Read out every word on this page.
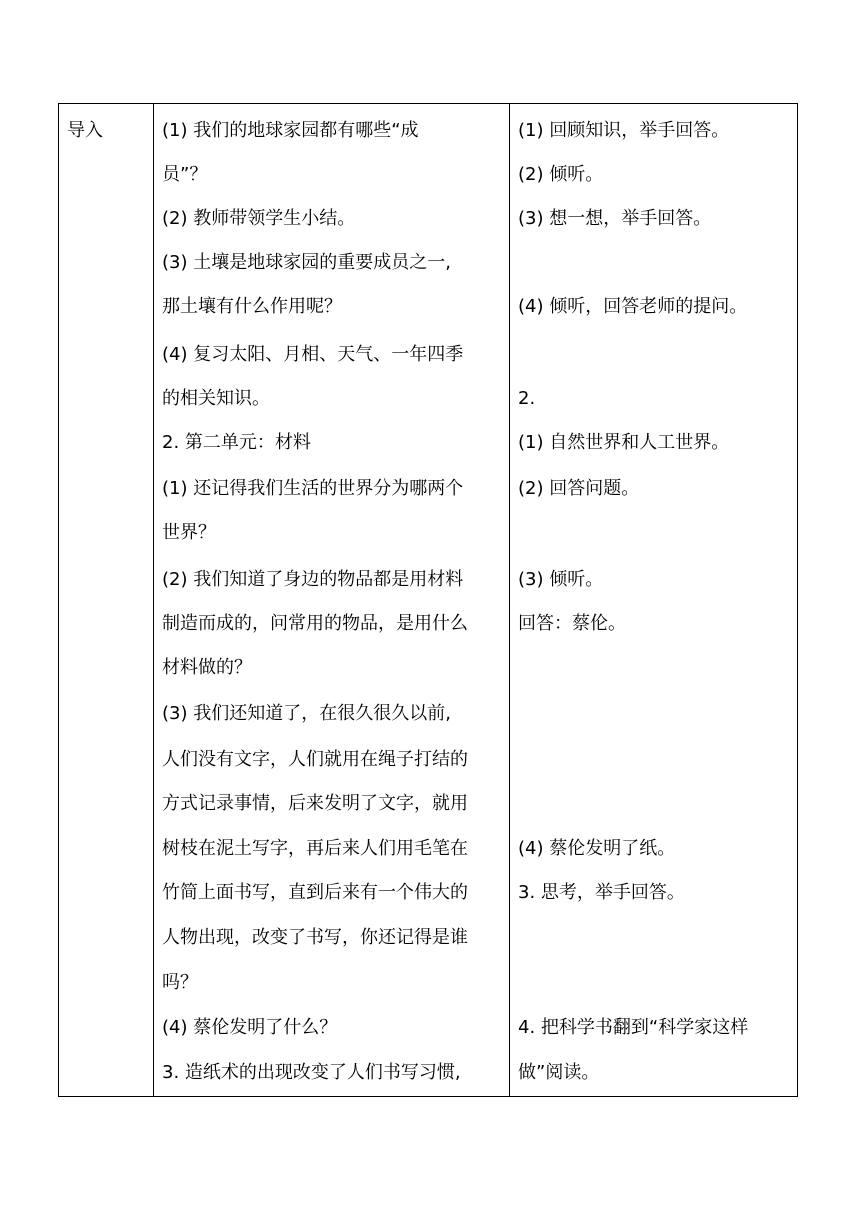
导入	(1) 我们的地球家园都有哪些“成
员”？
(2) 教师带领学生小结。
(3) 土壤是地球家园的重要成员之一,
那土壤有什么作用呢？
(4) 复习太阳、月相、天气、一年四季
的相关知识。
2. 第二单元：材料
(1) 还记得我们生活的世界分为哪两个
世界？
(2) 我们知道了身边的物品都是用材料
制造而成的，问常用的物品，是用什么
材料做的？
(3) 我们还知道了，在很久很久以前,
人们没有文字，人们就用在绳子打结的
方式记录事情，后来发明了文字，就用
树枝在泥土写字，再后来人们用毛笔在
竹简上面书写，直到后来有一个伟大的
人物出现，改变了书写，你还记得是谁
吗？
(4) 蔡伦发明了什么？
3. 造纸术的出现改变了人们书写习惯,
(1) 回顾知识，举手回答。
(2) 倾听。
(3) 想一想，举手回答。
(4) 倾听，回答老师的提问。
2.
(1) 自然世界和人工世界。
(2) 回答问题。
(3) 倾听。
回答：蔡伦。
(4) 蔡伦发明了纸。
3. 思考，举手回答。
4. 把科学书翻到“科学家这样
做”阅读。
